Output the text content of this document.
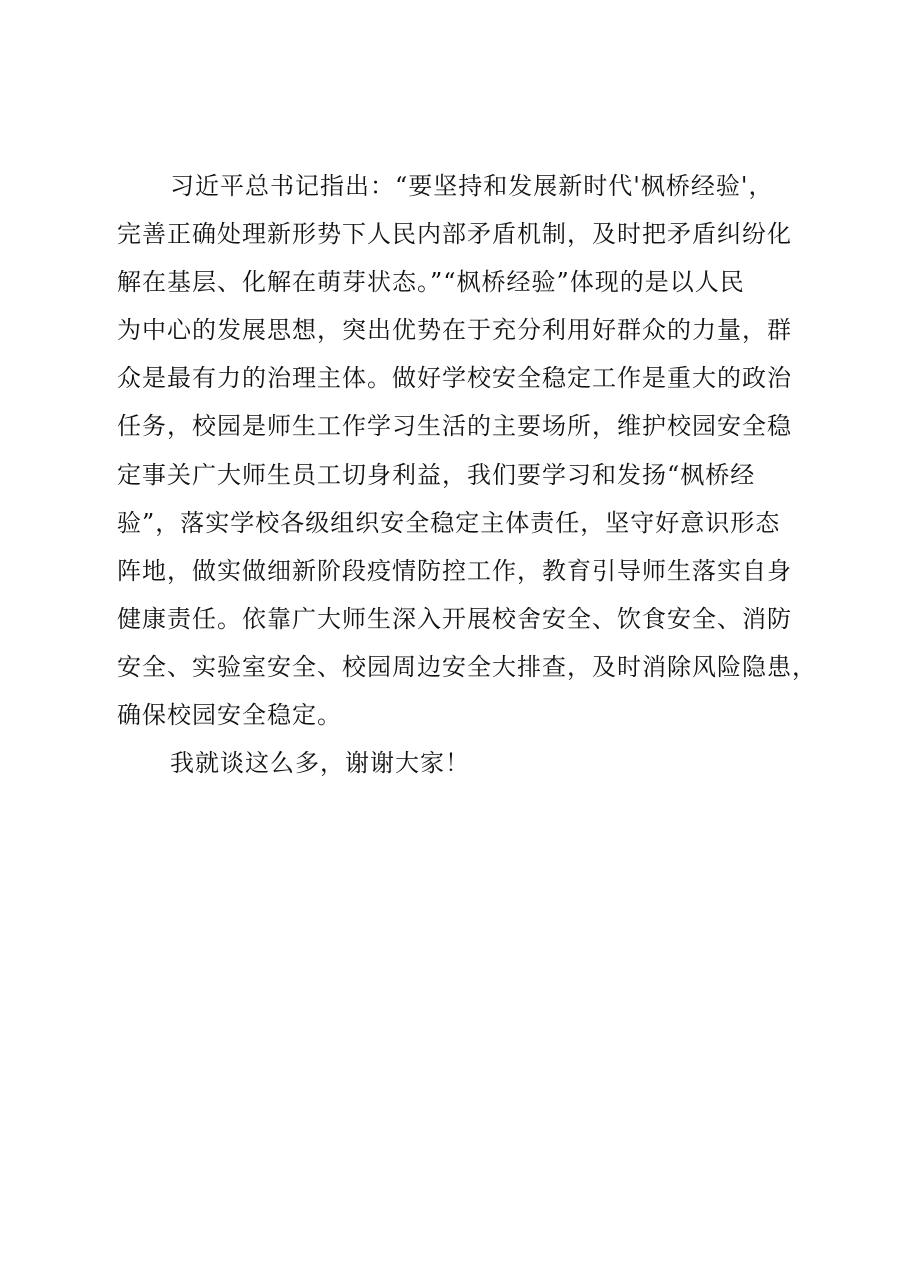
习近平总书记指出：“要坚持和发展新时代'枫桥经验'，
完善正确处理新形势下人民内部矛盾机制，及时把矛盾纠纷化
解在基层、化解在萌芽状态。”“枫桥经验”体现的是以人民
为中心的发展思想，突出优势在于充分利用好群众的力量，群
众是最有力的治理主体。做好学校安全稳定工作是重大的政治
任务，校园是师生工作学习生活的主要场所，维护校园安全稳
定事关广大师生员工切身利益，我们要学习和发扬“枫桥经
验”，落实学校各级组织安全稳定主体责任，坚守好意识形态
阵地，做实做细新阶段疫情防控工作，教育引导师生落实自身
健康责任。依靠广大师生深入开展校舍安全、饮食安全、消防
安全、实验室安全、校园周边安全大排查，及时消除风险隐患，
确保校园安全稳定。
我就谈这么多，谢谢大家！
